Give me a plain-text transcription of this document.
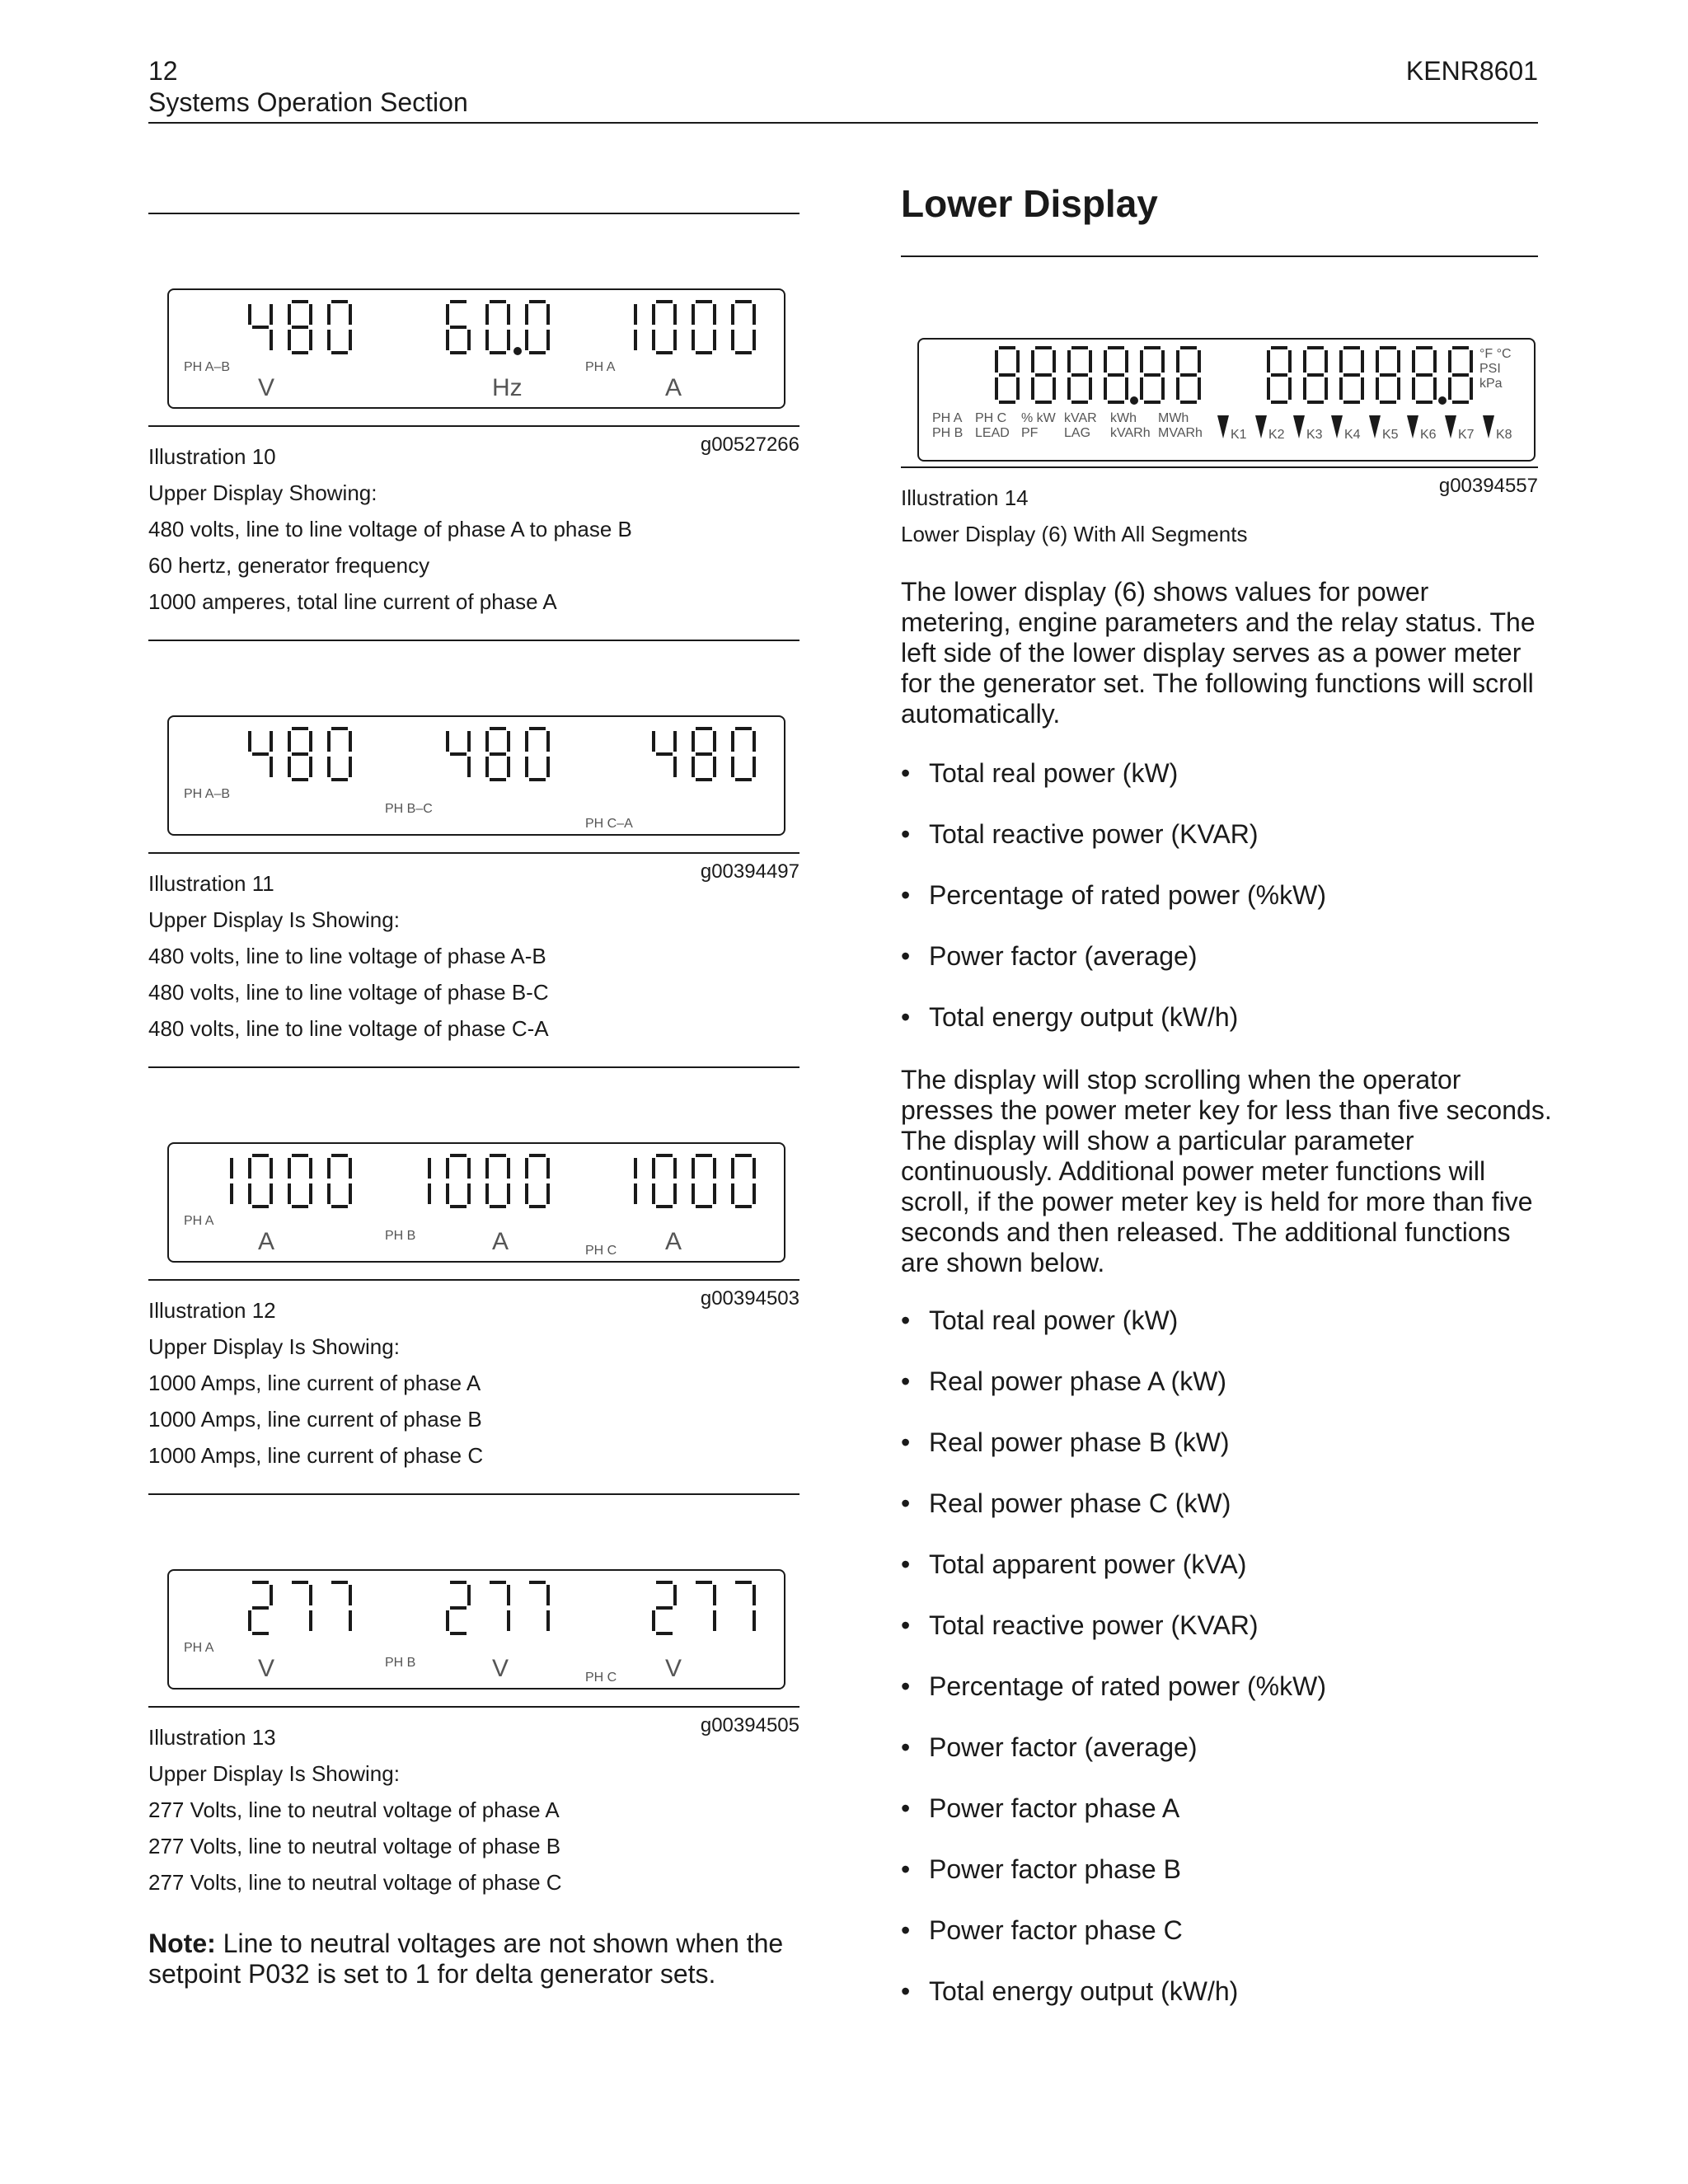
12
Systems Operation Section
KENR8601
PH A–B	PH A
V	Hz	A
Illustration 10	g00527266
Upper Display Showing:
480 volts, line to line voltage of phase A to phase B
60 hertz, generator frequency
1000 amperes, total line current of phase A
PH A–B
PH B–C
PH C–A
Illustration 11	g00394497
Upper Display Is Showing:
480 volts, line to line voltage of phase A-B
480 volts, line to line voltage of phase B-C
480 volts, line to line voltage of phase C-A
PH A
PH B
PH C
A	A	A
Illustration 12	g00394503
Upper Display Is Showing:
1000 Amps, line current of phase A
1000 Amps, line current of phase B
1000 Amps, line current of phase C
PH A
PH B
PH C
V	V	V
Illustration 13	g00394505
Upper Display Is Showing:
277 Volts, line to neutral voltage of phase A
277 Volts, line to neutral voltage of phase B
277 Volts, line to neutral voltage of phase C
Note: Line to neutral voltages are not shown when the setpoint P032 is set to 1 for delta generator sets.
Lower Display
°F °C
PSI
kPa
PH A PH C % kW kVAR kWh MWh
PH B LEAD PF LAG kVARh MVARh K1 K2 K3 K4 K5 K6 K7 K8
Illustration 14	g00394557
Lower Display (6) With All Segments
The lower display (6) shows values for power metering, engine parameters and the relay status. The left side of the lower display serves as a power meter for the generator set. The following functions will scroll automatically.
• Total real power (kW)
• Total reactive power (KVAR)
• Percentage of rated power (%kW)
• Power factor (average)
• Total energy output (kW/h)
The display will stop scrolling when the operator presses the power meter key for less than five seconds. The display will show a particular parameter continuously. Additional power meter functions will scroll, if the power meter key is held for more than five seconds and then released. The additional functions are shown below.
• Total real power (kW)
• Real power phase A (kW)
• Real power phase B (kW)
• Real power phase C (kW)
• Total apparent power (kVA)
• Total reactive power (KVAR)
• Percentage of rated power (%kW)
• Power factor (average)
• Power factor phase A
• Power factor phase B
• Power factor phase C
• Total energy output (kW/h)
